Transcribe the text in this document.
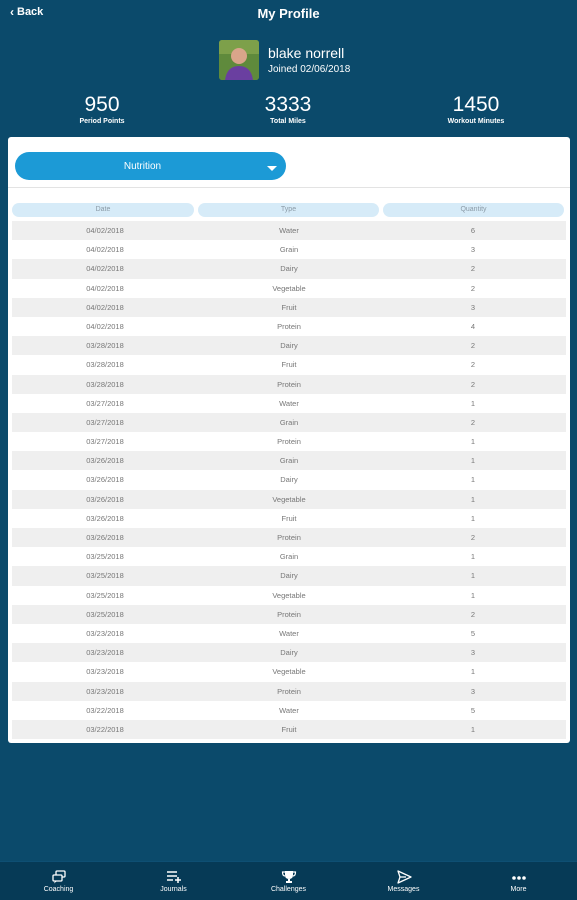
‹ Back	My Profile
blake norrell
Joined 02/06/2018
950
Period Points
3333
Total Miles
1450
Workout Minutes
Nutrition
Date	Type	Quantity
04/02/2018	Water	6
04/02/2018	Grain	3
04/02/2018	Dairy	2
04/02/2018	Vegetable	2
04/02/2018	Fruit	3
04/02/2018	Protein	4
03/28/2018	Dairy	2
03/28/2018	Fruit	2
03/28/2018	Protein	2
03/27/2018	Water	1
03/27/2018	Grain	2
03/27/2018	Protein	1
03/26/2018	Grain	1
03/26/2018	Dairy	1
03/26/2018	Vegetable	1
03/26/2018	Fruit	1
03/26/2018	Protein	2
03/25/2018	Grain	1
03/25/2018	Dairy	1
03/25/2018	Vegetable	1
03/25/2018	Protein	2
03/23/2018	Water	5
03/23/2018	Dairy	3
03/23/2018	Vegetable	1
03/23/2018	Protein	3
03/22/2018	Water	5
03/22/2018	Fruit	1
Coaching	Journals	Challenges	Messages	More
